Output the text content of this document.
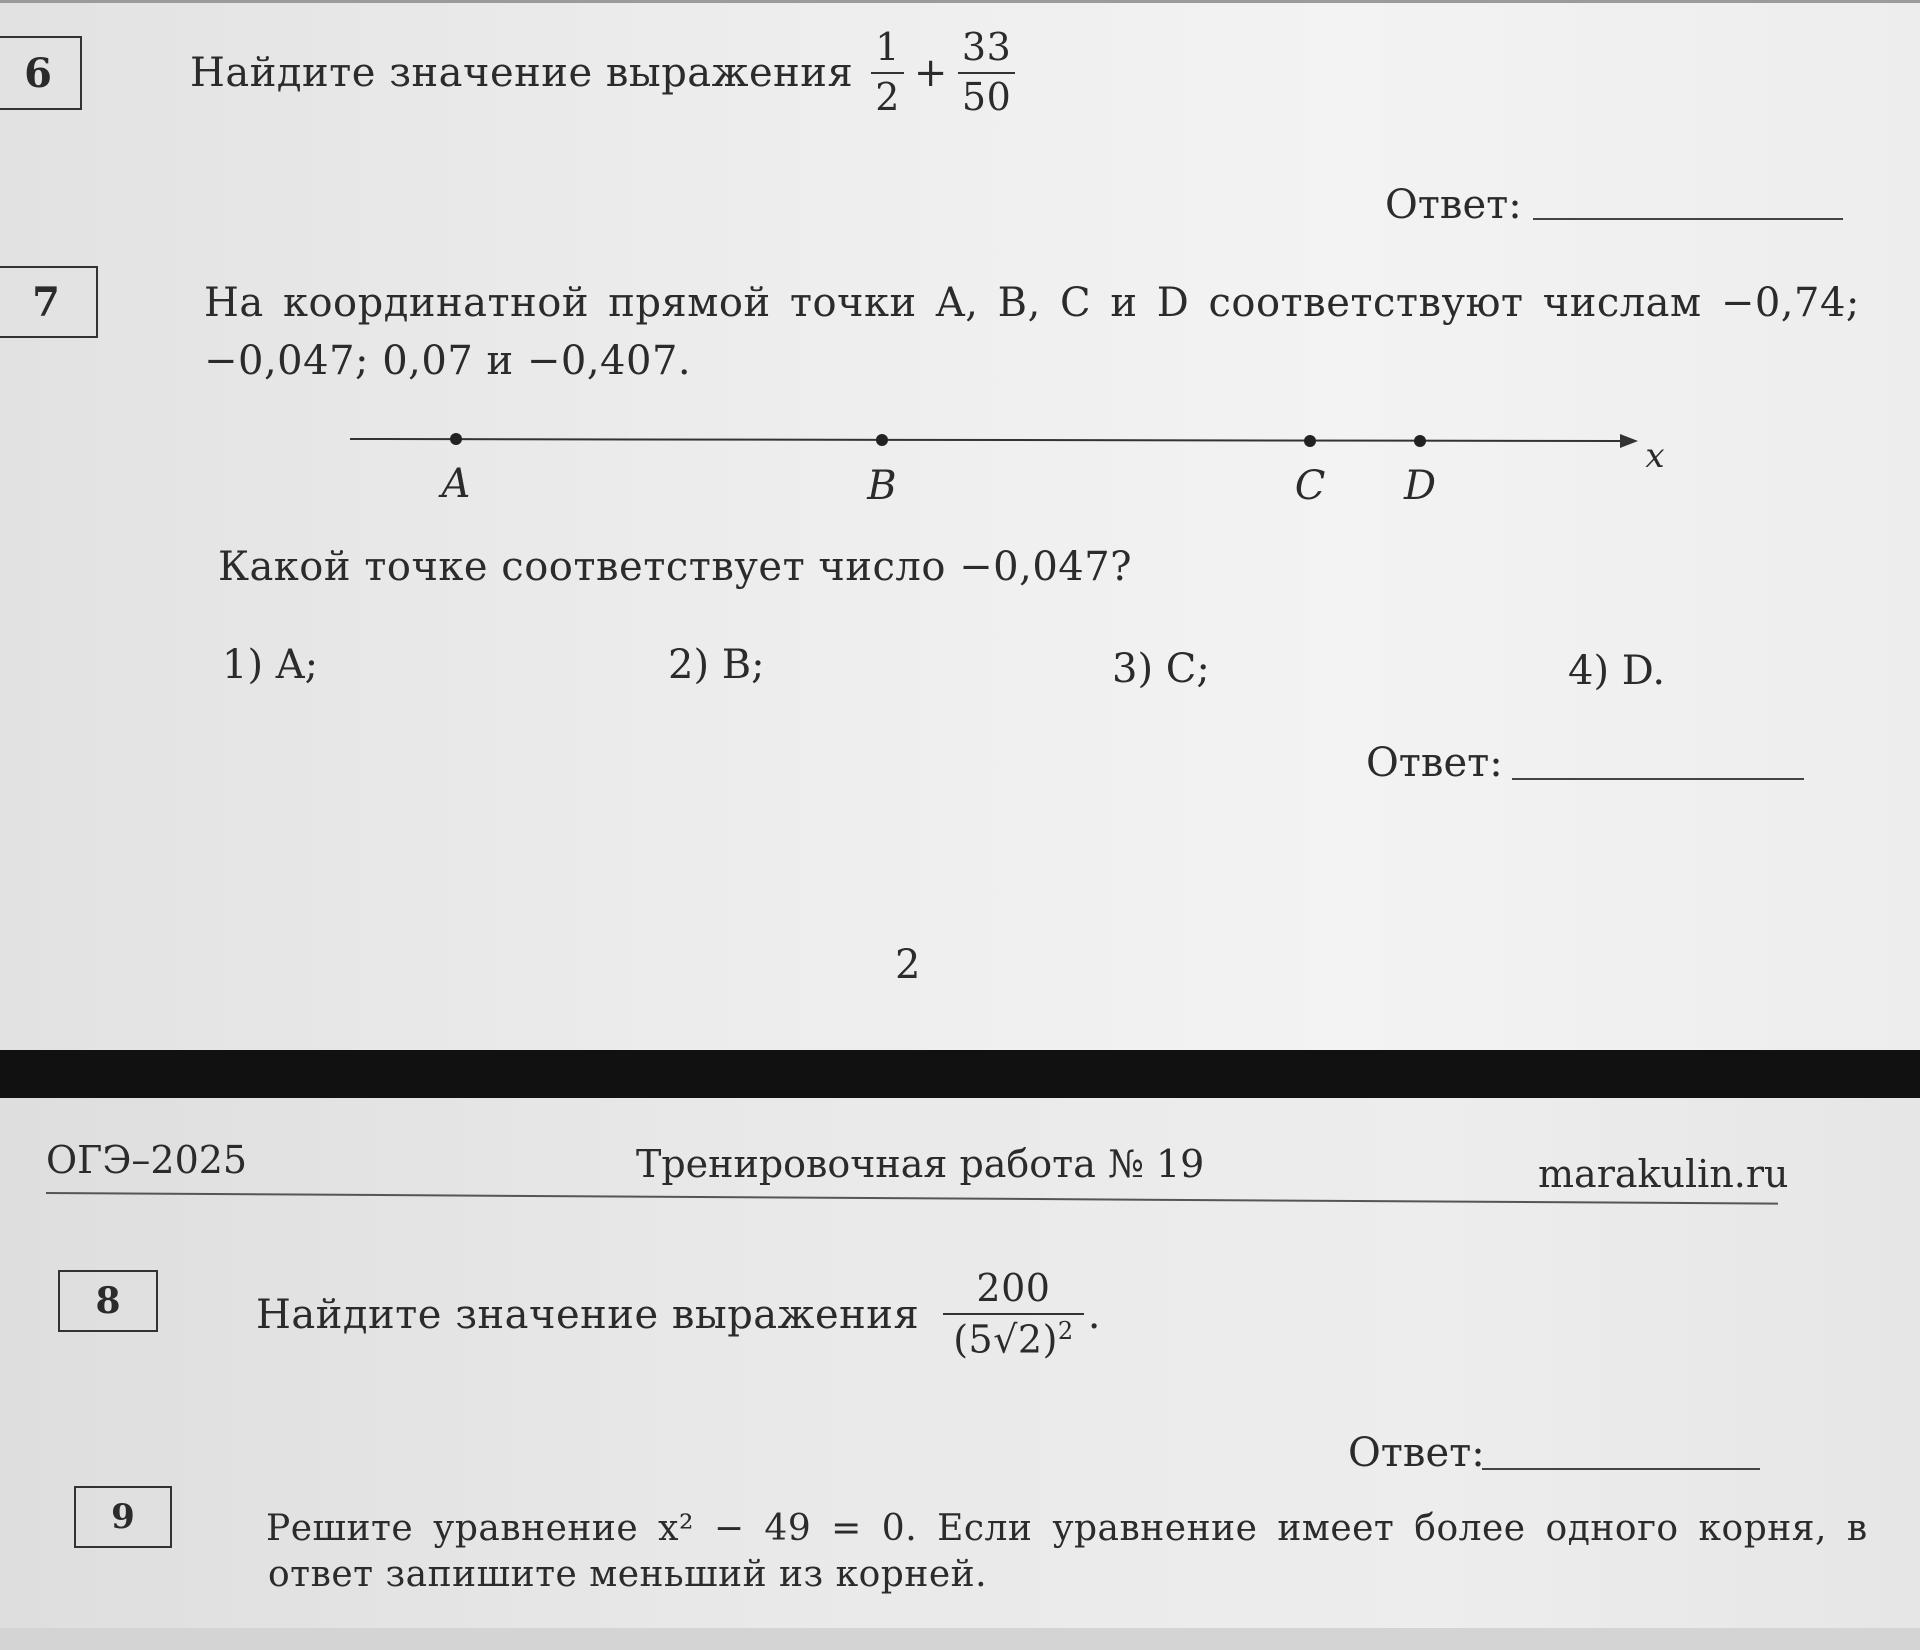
6	Найдите значение выражения $\frac{1}{2} + \frac{33}{50}$
Ответ:
7	На координатной прямой точки A, B, C и D соответствуют числам −0,74;
−0,047; 0,07 и −0,407.
A	B	C D
x
Какой точке соответствует число −0,047?
1) A;	2) B;	3) C;	4) D.
Ответ:
2
ОГЭ–2025	Тренировочная работа № 19	marakulin.ru
8	Найдите значение выражения $\frac{200}{(5√2)^2}$ .
Ответ:
9	Решите уравнение x² − 49 = 0. Если уравнение имеет более одного корня, в
ответ запишите меньший из корней.
